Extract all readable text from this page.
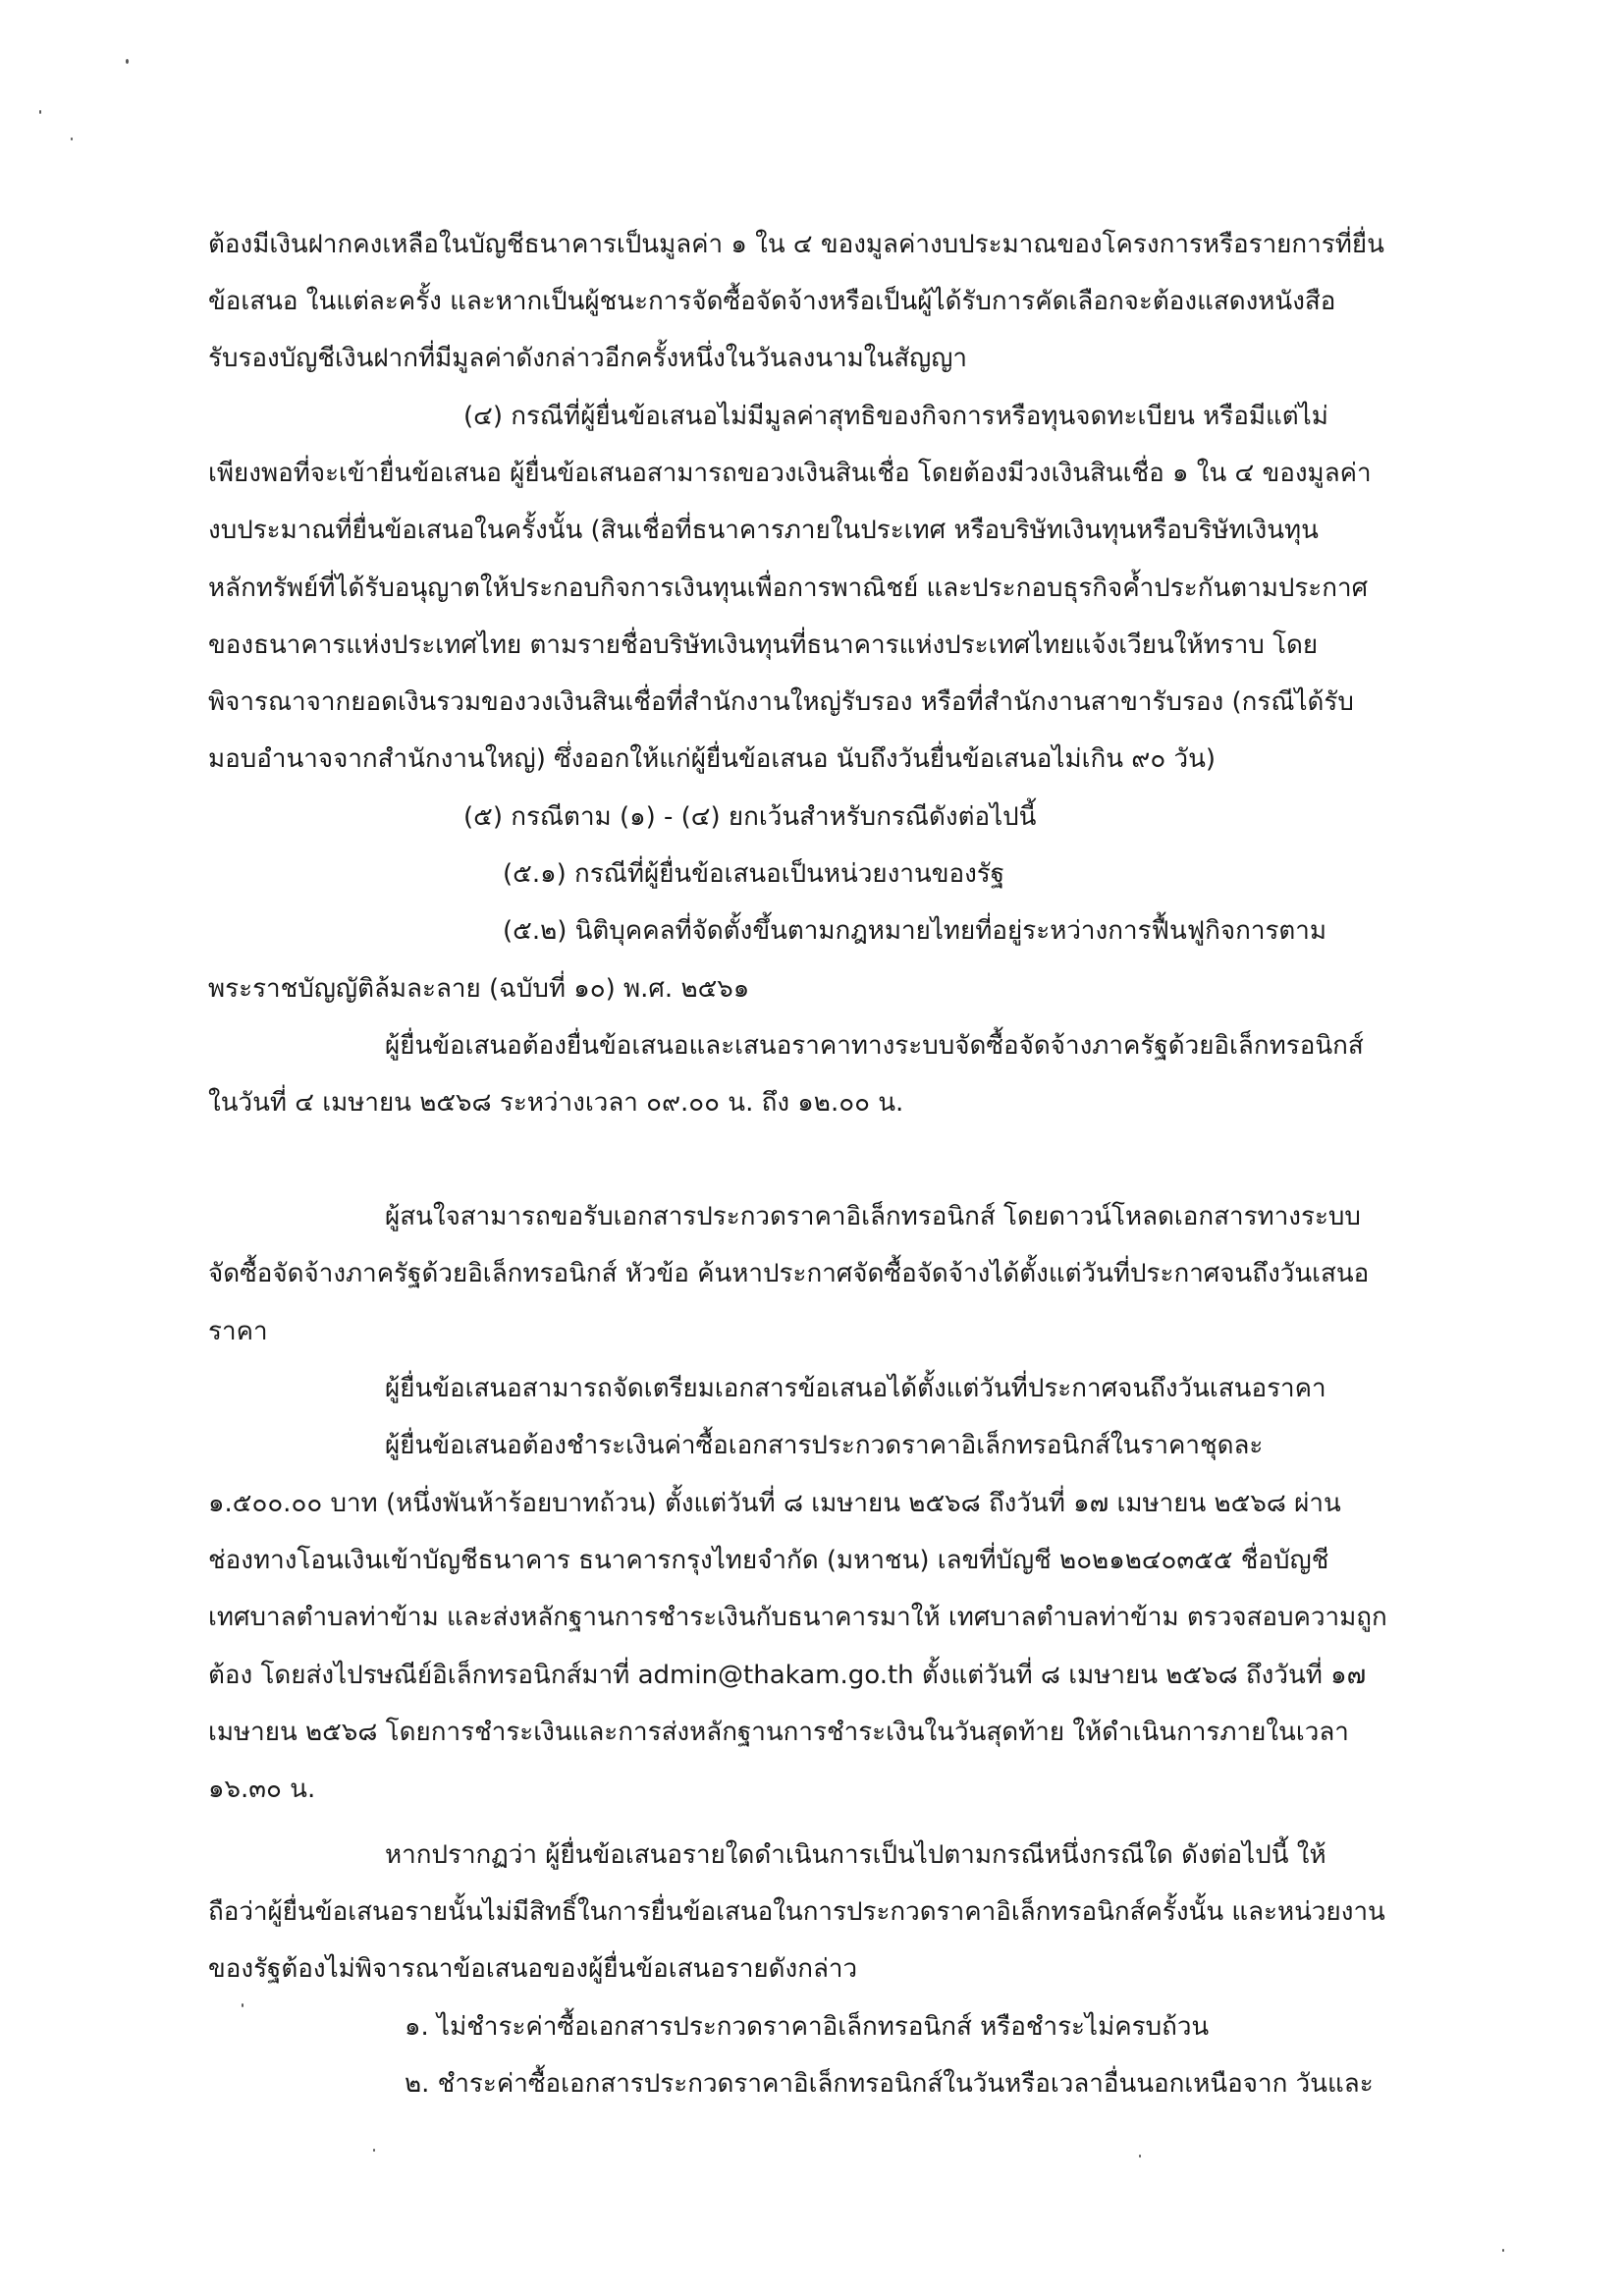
ต้องมีเงินฝากคงเหลือในบัญชีธนาคารเป็นมูลค่า ๑ ใน ๔ ของมูลค่างบประมาณของโครงการหรือรายการที่ยื่น
ข้อเสนอ ในแต่ละครั้ง และหากเป็นผู้ชนะการจัดซื้อจัดจ้างหรือเป็นผู้ได้รับการคัดเลือกจะต้องแสดงหนังสือ
รับรองบัญชีเงินฝากที่มีมูลค่าดังกล่าวอีกครั้งหนึ่งในวันลงนามในสัญญา
(๔) กรณีที่ผู้ยื่นข้อเสนอไม่มีมูลค่าสุทธิของกิจการหรือทุนจดทะเบียน หรือมีแต่ไม่
เพียงพอที่จะเข้ายื่นข้อเสนอ ผู้ยื่นข้อเสนอสามารถขอวงเงินสินเชื่อ โดยต้องมีวงเงินสินเชื่อ ๑ ใน ๔ ของมูลค่า
งบประมาณที่ยื่นข้อเสนอในครั้งนั้น (สินเชื่อที่ธนาคารภายในประเทศ หรือบริษัทเงินทุนหรือบริษัทเงินทุน
หลักทรัพย์ที่ได้รับอนุญาตให้ประกอบกิจการเงินทุนเพื่อการพาณิชย์ และประกอบธุรกิจค้ำประกันตามประกาศ
ของธนาคารแห่งประเทศไทย ตามรายชื่อบริษัทเงินทุนที่ธนาคารแห่งประเทศไทยแจ้งเวียนให้ทราบ โดย
พิจารณาจากยอดเงินรวมของวงเงินสินเชื่อที่สำนักงานใหญ่รับรอง หรือที่สำนักงานสาขารับรอง (กรณีได้รับ
มอบอำนาจจากสำนักงานใหญ่) ซึ่งออกให้แก่ผู้ยื่นข้อเสนอ นับถึงวันยื่นข้อเสนอไม่เกิน ๙๐ วัน)
(๕) กรณีตาม (๑) - (๔) ยกเว้นสำหรับกรณีดังต่อไปนี้
(๕.๑) กรณีที่ผู้ยื่นข้อเสนอเป็นหน่วยงานของรัฐ
(๕.๒) นิติบุคคลที่จัดตั้งขึ้นตามกฎหมายไทยที่อยู่ระหว่างการฟื้นฟูกิจการตาม
พระราชบัญญัติล้มละลาย (ฉบับที่ ๑๐) พ.ศ. ๒๕๖๑
ผู้ยื่นข้อเสนอต้องยื่นข้อเสนอและเสนอราคาทางระบบจัดซื้อจัดจ้างภาครัฐด้วยอิเล็กทรอนิกส์
ในวันที่ ๔ เมษายน ๒๕๖๘ ระหว่างเวลา ๐๙.๐๐ น. ถึง ๑๒.๐๐ น.
ผู้สนใจสามารถขอรับเอกสารประกวดราคาอิเล็กทรอนิกส์ โดยดาวน์โหลดเอกสารทางระบบ
จัดซื้อจัดจ้างภาครัฐด้วยอิเล็กทรอนิกส์ หัวข้อ ค้นหาประกาศจัดซื้อจัดจ้างได้ตั้งแต่วันที่ประกาศจนถึงวันเสนอ
ราคา
ผู้ยื่นข้อเสนอสามารถจัดเตรียมเอกสารข้อเสนอได้ตั้งแต่วันที่ประกาศจนถึงวันเสนอราคา
ผู้ยื่นข้อเสนอต้องชำระเงินค่าซื้อเอกสารประกวดราคาอิเล็กทรอนิกส์ในราคาชุดละ
๑.๕๐๐.๐๐ บาท (หนึ่งพันห้าร้อยบาทถ้วน) ตั้งแต่วันที่ ๘ เมษายน ๒๕๖๘ ถึงวันที่ ๑๗ เมษายน ๒๕๖๘ ผ่าน
ช่องทางโอนเงินเข้าบัญชีธนาคาร ธนาคารกรุงไทยจำกัด (มหาชน) เลขที่บัญชี ๒๐๒๑๒๔๐๓๕๕ ชื่อบัญชี
เทศบาลตำบลท่าข้าม และส่งหลักฐานการชำระเงินกับธนาคารมาให้ เทศบาลตำบลท่าข้าม ตรวจสอบความถูก
ต้อง โดยส่งไปรษณีย์อิเล็กทรอนิกส์มาที่ admin@thakam.go.th ตั้งแต่วันที่ ๘ เมษายน ๒๕๖๘ ถึงวันที่ ๑๗
เมษายน ๒๕๖๘ โดยการชำระเงินและการส่งหลักฐานการชำระเงินในวันสุดท้าย ให้ดำเนินการภายในเวลา
๑๖.๓๐ น.
หากปรากฏว่า ผู้ยื่นข้อเสนอรายใดดำเนินการเป็นไปตามกรณีหนึ่งกรณีใด ดังต่อไปนี้ ให้
ถือว่าผู้ยื่นข้อเสนอรายนั้นไม่มีสิทธิ์ในการยื่นข้อเสนอในการประกวดราคาอิเล็กทรอนิกส์ครั้งนั้น และหน่วยงาน
ของรัฐต้องไม่พิจารณาข้อเสนอของผู้ยื่นข้อเสนอรายดังกล่าว
๑. ไม่ชำระค่าซื้อเอกสารประกวดราคาอิเล็กทรอนิกส์ หรือชำระไม่ครบถ้วน
๒. ชำระค่าซื้อเอกสารประกวดราคาอิเล็กทรอนิกส์ในวันหรือเวลาอื่นนอกเหนือจาก วันและ
